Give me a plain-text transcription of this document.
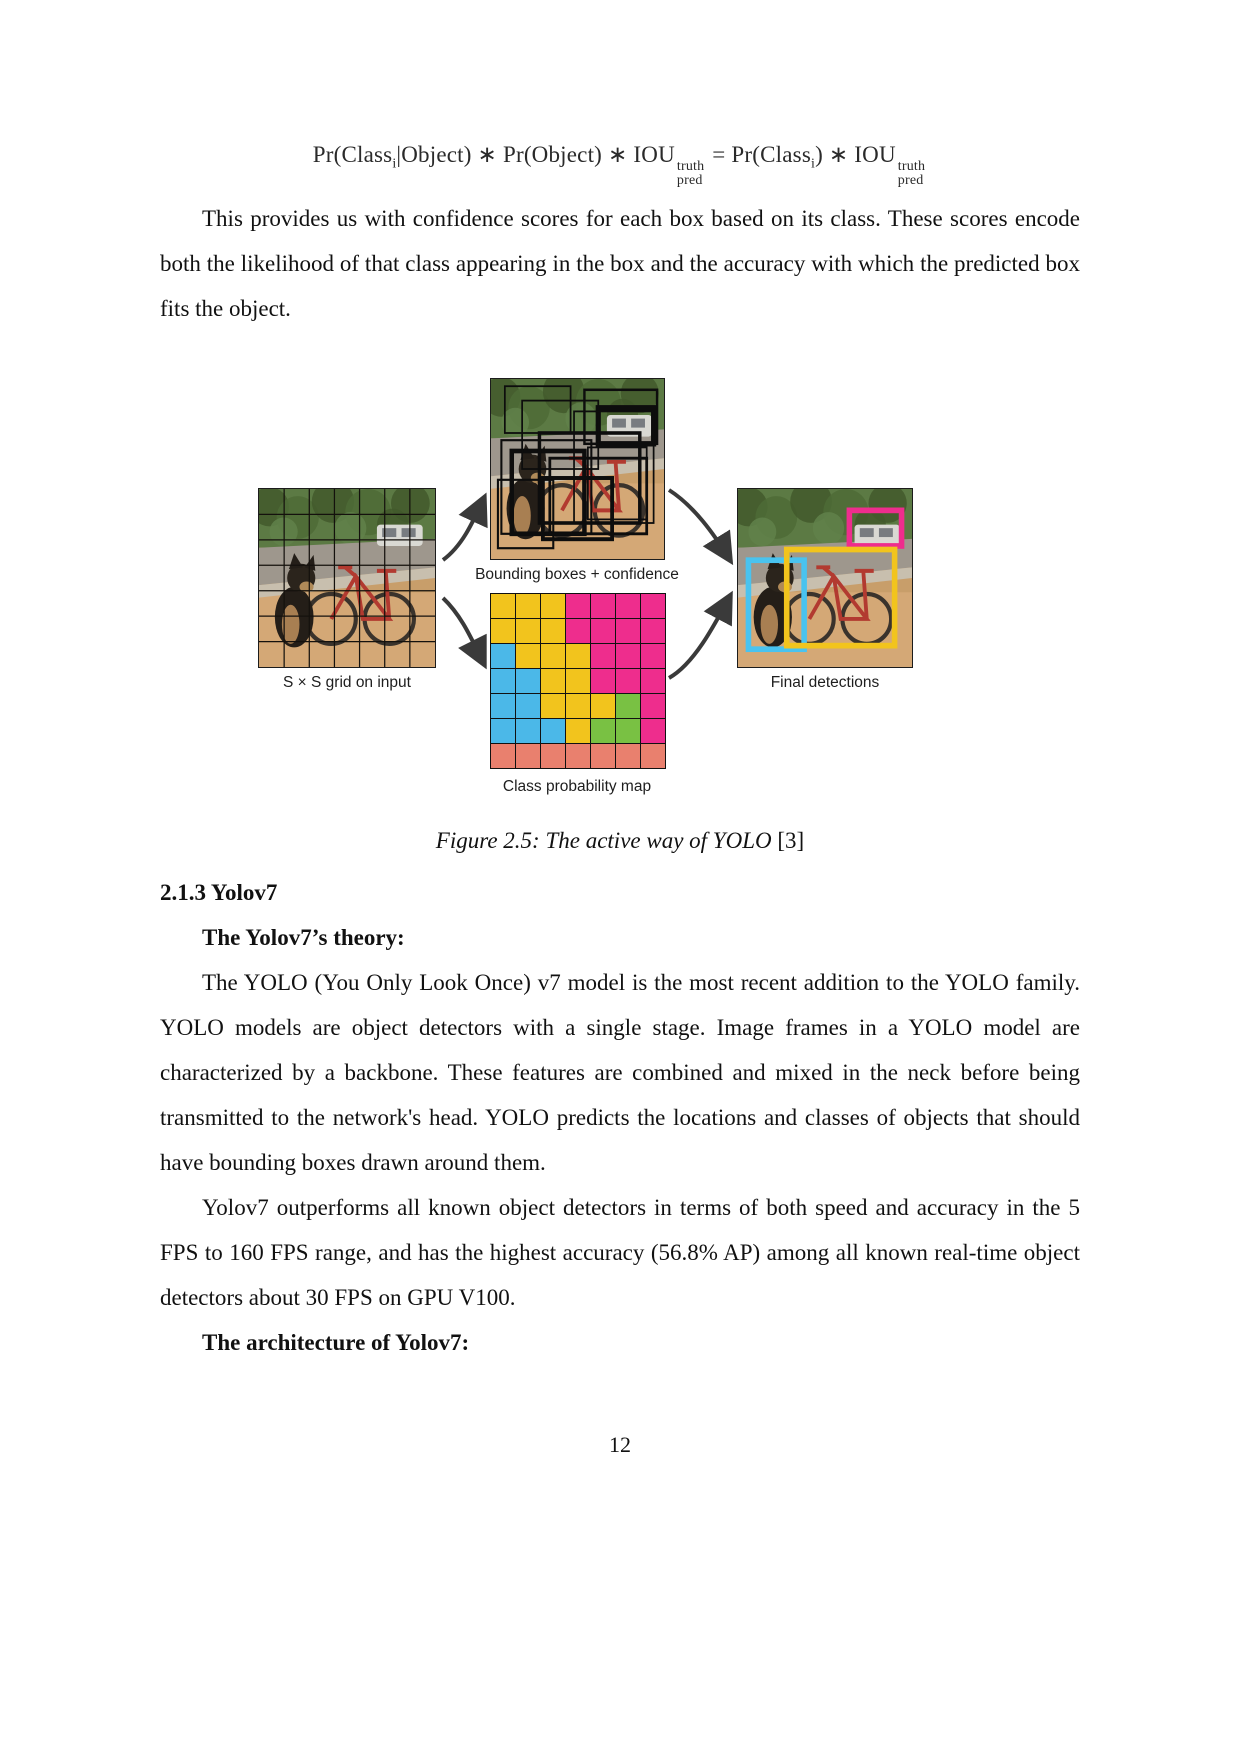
Pr(Class$_i$|Object) ∗ Pr(Object) ∗ IOU truth
pred
= Pr(Class$_i$) ∗ IOU truth
pred

This provides us with confidence scores for each box based on its class. These scores encode both the likelihood of that class appearing in the box and the accuracy with which the predicted box fits the object.

S × S grid on input
Bounding boxes + confidence
Class probability map
Final detections
Figure 2.5: The active way of YOLO [3]
2.1.3 Yolov7
The Yolov7’s theory:

The YOLO (You Only Look Once) v7 model is the most recent addition to the YOLO family. YOLO models are object detectors with a single stage. Image frames in a YOLO model are characterized by a backbone. These features are combined and mixed in the neck before being transmitted to the network's head. YOLO predicts the locations and classes of objects that should have bounding boxes drawn around them.

Yolov7 outperforms all known object detectors in terms of both speed and accuracy in the 5 FPS to 160 FPS range, and has the highest accuracy (56.8% AP) among all known real-time object detectors about 30 FPS on GPU V100.

The architecture of Yolov7:
12
